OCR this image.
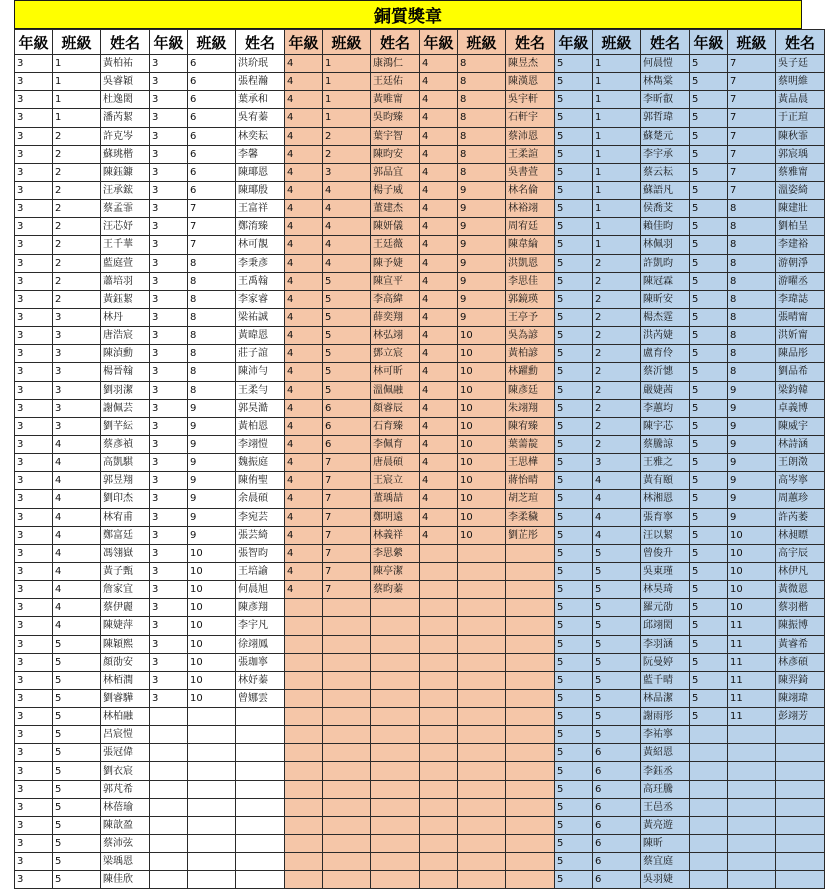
銅質獎章
年級	班級	姓名	年級	班級	姓名	年級	班級	姓名	年級	班級	姓名	年級	班級	姓名	年級	班級	姓名
3	1	黃柏祐	3	6	洪玠珉	4	1	康鴻仁	4	8	陳昱杰	5	1	何晨愷	5	7	吳子廷
3	1	吳睿穎	3	6	張程瀚	4	1	王廷佑	4	8	陳漢恩	5	1	林雋棠	5	7	蔡明維
3	1	杜逸閎	3	6	葉承和	4	1	黃唯甯	4	8	吳宇軒	5	1	李昕叡	5	7	黃品晨
3	1	潘芮絜	3	6	吳宥蓁	4	1	吳昀臻	4	8	石軒宇	5	1	郭哲瑋	5	7	于正瑄
3	2	許克岑	3	6	林奕耘	4	2	葉宇智	4	8	蔡沛恩	5	1	蘇楚元	5	7	陳秋霏
3	2	蘇珧楷	3	6	李馨	4	2	陳昀安	4	8	王柔諠	5	1	李宇承	5	7	郭宸瑀
3	2	陳鈺鏮	3	6	陳瑘恩	4	3	郭品宜	4	8	吳書萱	5	1	蔡云耘	5	7	蔡雅甯
3	2	汪承鋐	3	6	陳瑘殷	4	4	楊子威	4	9	林名倫	5	1	蘇語凡	5	7	溫姿綺
3	2	蔡孟霏	3	7	王富祥	4	4	董建杰	4	9	林裕翊	5	1	侯喬芠	5	8	陳建壯
3	2	汪芯妤	3	7	鄭淯臻	4	4	陳妍儀	4	9	周宥廷	5	1	賴佳昀	5	8	劉柏呈
3	2	王千華	3	7	林可靚	4	4	王廷薇	4	9	陳韋綸	5	1	林佩羽	5	8	李建裕
3	2	藍庭萱	3	8	李秉彥	4	4	陳予婕	4	9	洪凱恩	5	2	許凱昀	5	8	游朝淨
3	2	蕭培羽	3	8	王禹翰	4	5	陳宣平	4	9	李思佳	5	2	陳冠霖	5	8	游曜丞
3	2	黃鈺絜	3	8	李家睿	4	5	李高緯	4	9	郭鏡瑛	5	2	陳昕安	5	8	李瑋誌
3	3	林丹	3	8	梁祐誠	4	5	薛奕翔	4	9	王亭予	5	2	楊杰霆	5	8	張晴甯
3	3	唐浩宸	3	8	黃暐恩	4	5	林弘翊	4	10	吳為諺	5	2	洪芮婕	5	8	洪妡甯
3	3	陳湞勳	3	8	莊子誼	4	5	鄧立宸	4	10	黃柏諺	5	2	盧育伶	5	8	陳品彤
3	3	楊晉翰	3	8	陳沛勻	4	5	林可昕	4	10	林躍勳	5	2	蔡沂憓	5	8	劉品希
3	3	劉羽潔	3	8	王柔勻	4	5	溫佩融	4	10	陳彥廷	5	2	嚴婕茜	5	9	梁鈞韓
3	3	謝佩芸	3	9	郭昊澔	4	6	顏睿辰	4	10	朱翊翔	5	2	李蕙均	5	9	卓義博
3	3	劉芊紜	3	9	黃柏恩	4	6	石育臻	4	10	陳宥臻	5	2	陳宇芯	5	9	陳威宇
3	4	蔡彥禎	3	9	李翊愷	4	6	李佩育	4	10	葉薷靛	5	2	蔡騰諒	5	9	林詩涵
3	4	高凱騏	3	9	魏振庭	4	7	唐晨碩	4	10	王思樺	5	3	王雅之	5	9	王朗澂
3	4	郭昱翔	3	9	陳侑聖	4	7	王宸立	4	10	蔣怡晴	5	4	黃有頤	5	9	高岑寧
3	4	劉印杰	3	9	余晨碩	4	7	董瑀喆	4	10	胡芝瑄	5	4	林湘恩	5	9	周蕙珍
3	4	林宥甫	3	9	李宛芸	4	7	鄭明遠	4	10	李柔穢	5	4	張育寧	5	9	許芮萎
3	4	鄭富廷	3	9	張芸綺	4	7	林義祥	4	10	劉芷彤	5	4	汪以絜	5	10	林昶瞟
3	4	馮翎嶽	3	10	張智昀	4	7	李思縈				5	5	曾俊升	5	10	高宇辰
3	4	黃子甄	3	10	王培諭	4	7	陳亭潔				5	5	吳東瑾	5	10	林伊凡
3	4	詹家宜	3	10	何晨旭	4	7	蔡昀蓁				5	5	林昊琦	5	10	黃微恩
3	4	蔡伊麗	3	10	陳彥翔							5	5	羅元劭	5	10	蔡羽楷
3	4	陳婕萍	3	10	李宇凡							5	5	邱翊閎	5	11	陳振博
3	5	陳穎熙	3	10	徐翊鳳							5	5	李羽涵	5	11	黃睿希
3	5	顏劭安	3	10	張珈寧							5	5	阮曼婷	5	11	林彥碩
3	5	林栢潤	3	10	林妤蓁							5	5	藍千晴	5	11	陳羿錡
3	5	劉睿驊	3	10	曾娜雲							5	5	林品潔	5	11	陳翊瑋
3	5	林柏融										5	5	謝雨彤	5	11	彭翊芳
3	5	呂宸愷										5	5	李祐寧			
3	5	張冠偉										5	6	黃紹恩			
3	5	劉衣宸										5	6	李鈺丞			
3	5	郭芃希										5	6	高玨騰			
3	5	林蓓瑜										5	6	王邑丞			
3	5	陳歆盈										5	6	黃亮遊			
3	5	蔡沛弦										5	6	陳昕			
3	5	梁瑀恩										5	6	蔡宜庭			
3	5	陳佳欣										5	6	吳羽婕			
